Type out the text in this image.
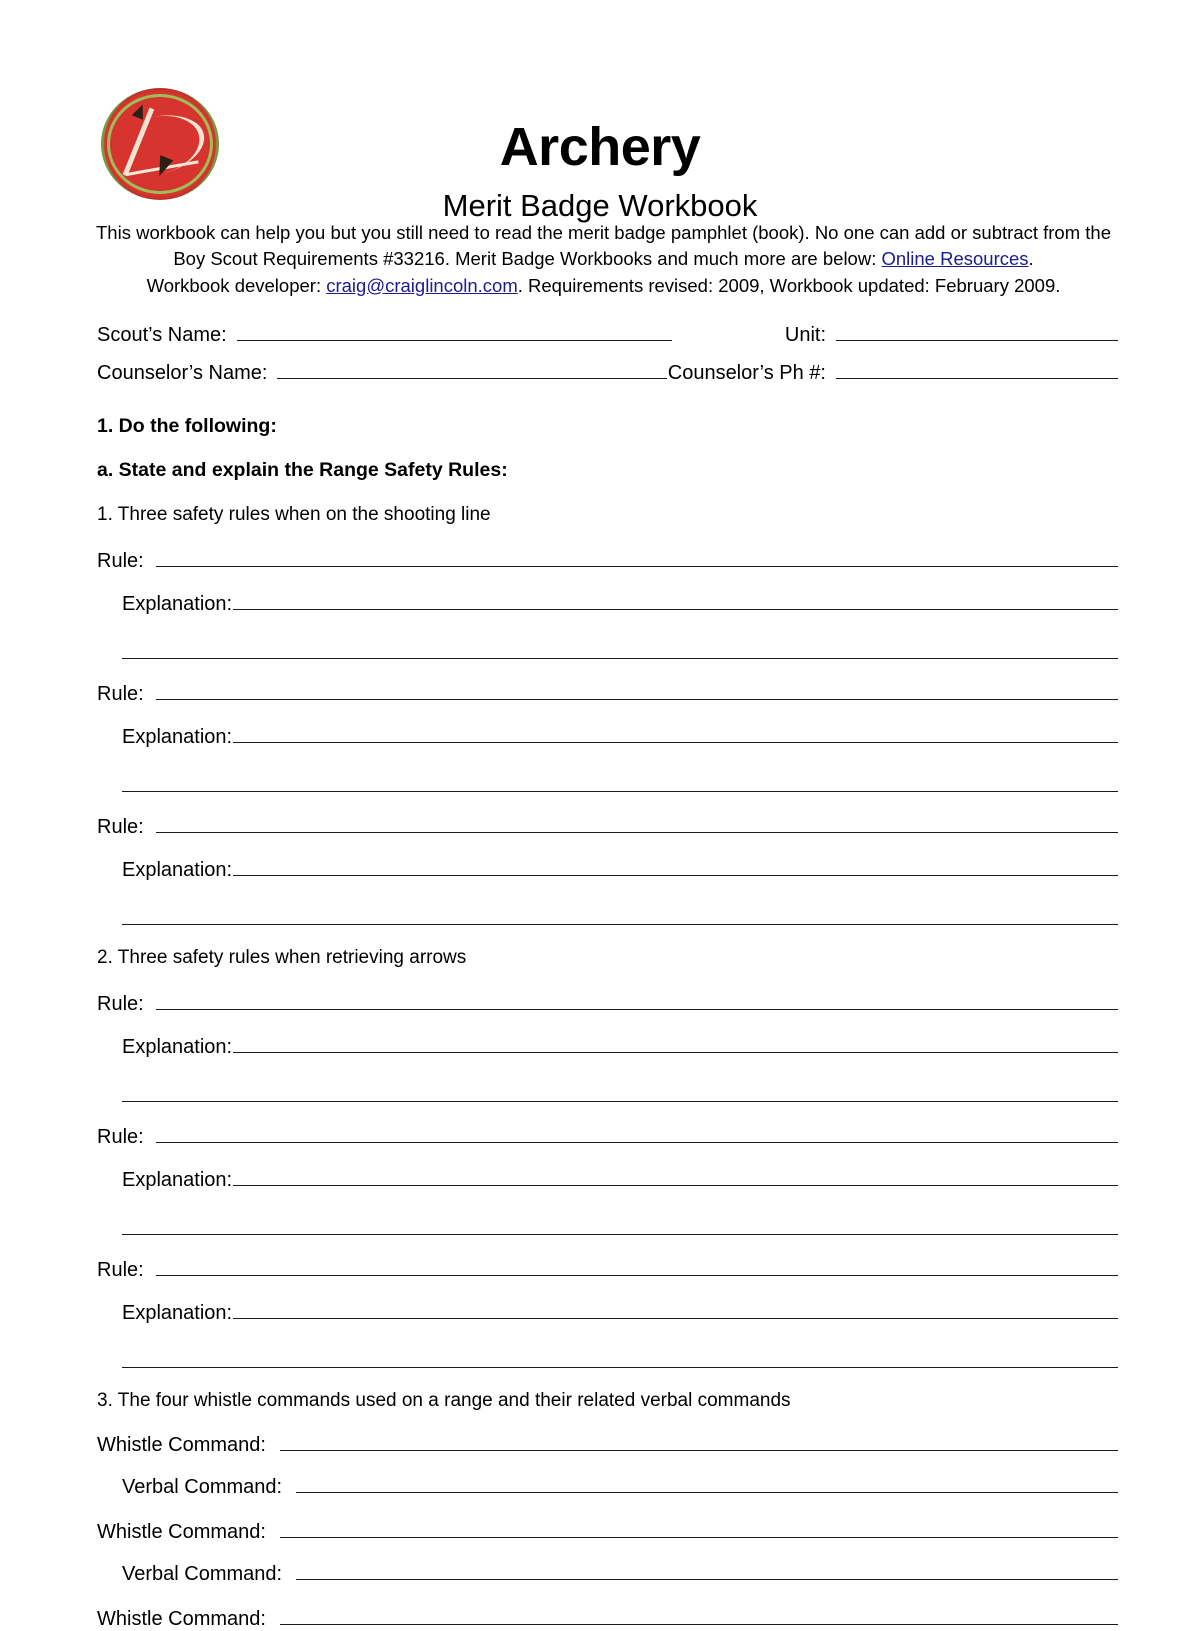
Archery
Merit Badge Workbook
This workbook can help you but you still need to read the merit badge pamphlet (book). No one can add or subtract from the Boy Scout Requirements #33216. Merit Badge Workbooks and much more are below: Online Resources.
Workbook developer: craig@craiglincoln.com. Requirements revised: 2009, Workbook updated: February 2009.
Scout’s Name:	Unit:
Counselor’s Name:	Counselor’s Ph #:
1. Do the following:
a. State and explain the Range Safety Rules:
1. Three safety rules when on the shooting line
Rule:
Explanation:
Rule:
Explanation:
Rule:
Explanation:
2. Three safety rules when retrieving arrows
Rule:
Explanation:
Rule:
Explanation:
Rule:
Explanation:
3. The four whistle commands used on a range and their related verbal commands
Whistle Command:
Verbal Command:
Whistle Command:
Verbal Command:
Whistle Command:
